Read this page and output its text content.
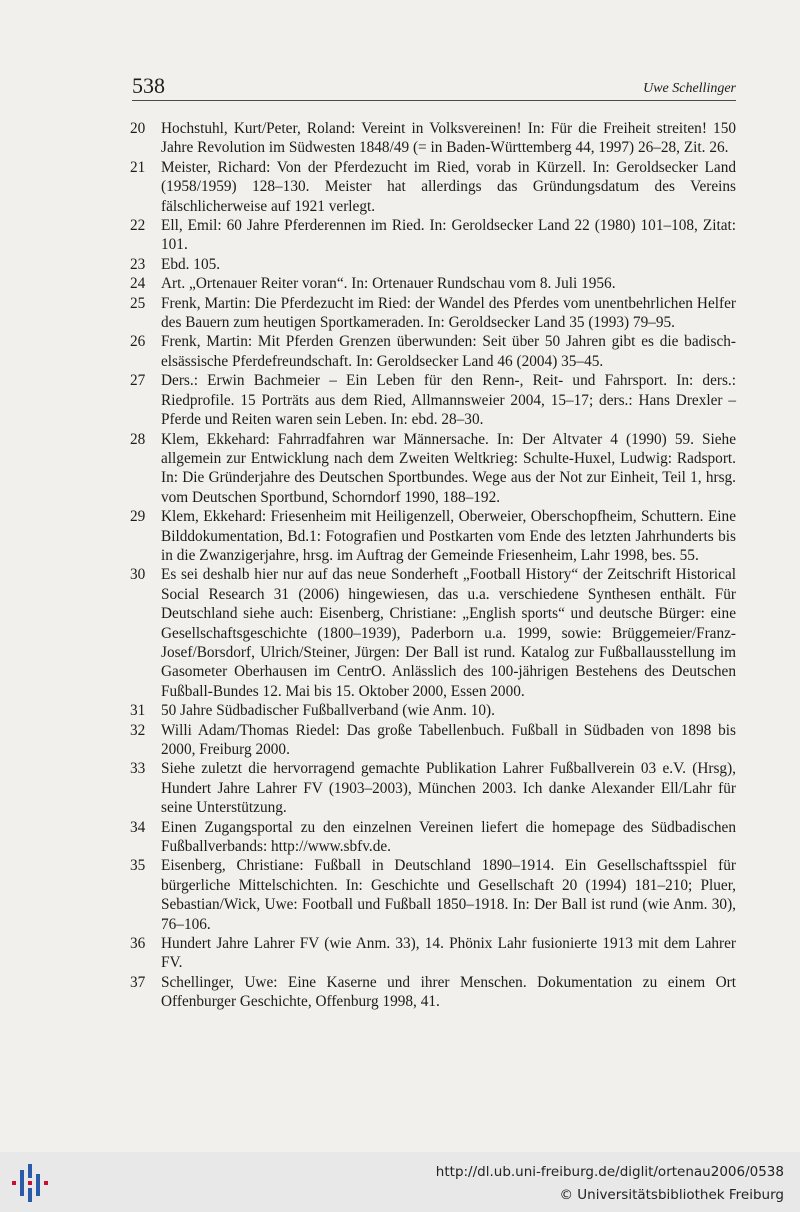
538	Uwe Schellinger
20 Hochstuhl, Kurt/Peter, Roland: Vereint in Volksvereinen! In: Für die Freiheit streiten! 150 Jahre Revolution im Südwesten 1848/49 (= in Baden-Württemberg 44, 1997) 26–28, Zit. 26.
21 Meister, Richard: Von der Pferdezucht im Ried, vorab in Kürzell. In: Geroldsecker Land (1958/1959) 128–130. Meister hat allerdings das Gründungsdatum des Vereins fälschlicherweise auf 1921 verlegt.
22 Ell, Emil: 60 Jahre Pferderennen im Ried. In: Geroldsecker Land 22 (1980) 101–108, Zitat: 101.
23 Ebd. 105.
24 Art. „Ortenauer Reiter voran“. In: Ortenauer Rundschau vom 8. Juli 1956.
25 Frenk, Martin: Die Pferdezucht im Ried: der Wandel des Pferdes vom unentbehrlichen Helfer des Bauern zum heutigen Sportkameraden. In: Geroldsecker Land 35 (1993) 79–95.
26 Frenk, Martin: Mit Pferden Grenzen überwunden: Seit über 50 Jahren gibt es die badisch-elsässische Pferdefreundschaft. In: Geroldsecker Land 46 (2004) 35–45.
27 Ders.: Erwin Bachmeier – Ein Leben für den Renn-, Reit- und Fahrsport. In: ders.: Riedprofile. 15 Porträts aus dem Ried, Allmannsweier 2004, 15–17; ders.: Hans Drexler – Pferde und Reiten waren sein Leben. In: ebd. 28–30.
28 Klem, Ekkehard: Fahrradfahren war Männersache. In: Der Altvater 4 (1990) 59. Siehe allgemein zur Entwicklung nach dem Zweiten Weltkrieg: Schulte-Huxel, Ludwig: Radsport. In: Die Gründerjahre des Deutschen Sportbundes. Wege aus der Not zur Einheit, Teil 1, hrsg. vom Deutschen Sportbund, Schorndorf 1990, 188–192.
29 Klem, Ekkehard: Friesenheim mit Heiligenzell, Oberweier, Oberschopfheim, Schuttern. Eine Bilddokumentation, Bd.1: Fotografien und Postkarten vom Ende des letzten Jahrhunderts bis in die Zwanzigerjahre, hrsg. im Auftrag der Gemeinde Friesenheim, Lahr 1998, bes. 55.
30 Es sei deshalb hier nur auf das neue Sonderheft „Football History“ der Zeitschrift Historical Social Research 31 (2006) hingewiesen, das u.a. verschiedene Synthesen enthält. Für Deutschland siehe auch: Eisenberg, Christiane: „English sports“ und deutsche Bürger: eine Gesellschaftsgeschichte (1800–1939), Paderborn u.a. 1999, sowie: Brüggemeier/Franz-Josef/Borsdorf, Ulrich/Steiner, Jürgen: Der Ball ist rund. Katalog zur Fußballausstellung im Gasometer Oberhausen im CentrO. Anlässlich des 100-jährigen Bestehens des Deutschen Fußball-Bundes 12. Mai bis 15. Oktober 2000, Essen 2000.
31 50 Jahre Südbadischer Fußballverband (wie Anm. 10).
32 Willi Adam/Thomas Riedel: Das große Tabellenbuch. Fußball in Südbaden von 1898 bis 2000, Freiburg 2000.
33 Siehe zuletzt die hervorragend gemachte Publikation Lahrer Fußballverein 03 e.V. (Hrsg), Hundert Jahre Lahrer FV (1903–2003), München 2003. Ich danke Alexander Ell/Lahr für seine Unterstützung.
34 Einen Zugangsportal zu den einzelnen Vereinen liefert die homepage des Südbadischen Fußballverbands: http://www.sbfv.de.
35 Eisenberg, Christiane: Fußball in Deutschland 1890–1914. Ein Gesellschaftsspiel für bürgerliche Mittelschichten. In: Geschichte und Gesellschaft 20 (1994) 181–210; Pluer, Sebastian/Wick, Uwe: Football und Fußball 1850–1918. In: Der Ball ist rund (wie Anm. 30), 76–106.
36 Hundert Jahre Lahrer FV (wie Anm. 33), 14. Phönix Lahr fusionierte 1913 mit dem Lahrer FV.
37 Schellinger, Uwe: Eine Kaserne und ihrer Menschen. Dokumentation zu einem Ort Offenburger Geschichte, Offenburg 1998, 41.
http://dl.ub.uni-freiburg.de/diglit/ortenau2006/0538
© Universitätsbibliothek Freiburg
